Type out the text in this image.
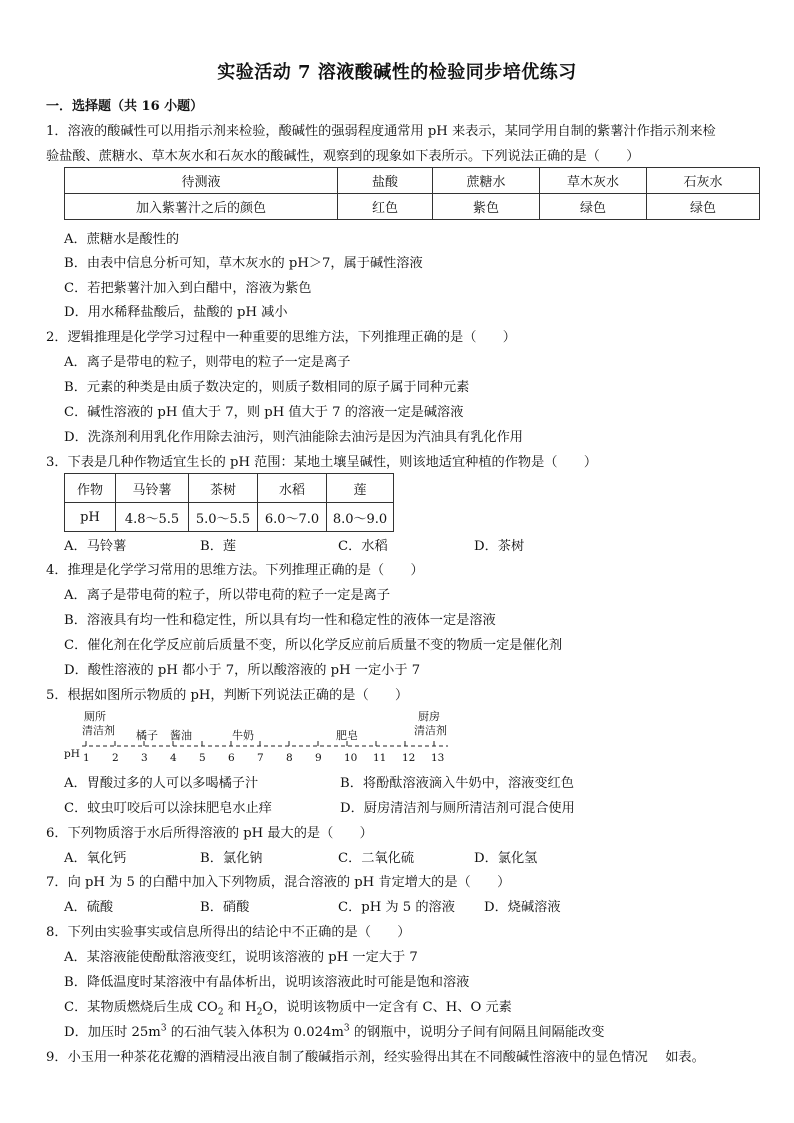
实验活动 7 溶液酸碱性的检验同步培优练习
一．选择题（共 16 小题）
1．溶液的酸碱性可以用指示剂来检验，酸碱性的强弱程度通常用 pH 来表示，某同学用自制的紫薯汁作指示剂来检
验盐酸、蔗糖水、草木灰水和石灰水的酸碱性，观察到的现象如下表所示。下列说法正确的是（　　）
待测液	盐酸	蔗糖水	草木灰水	石灰水
加入紫薯汁之后的颜色	红色	紫色	绿色	绿色
A．蔗糖水是酸性的
B．由表中信息分析可知，草木灰水的 pH＞7，属于碱性溶液
C．若把紫薯汁加入到白醋中，溶液为紫色
D．用水稀释盐酸后，盐酸的 pH 减小
2．逻辑推理是化学学习过程中一种重要的思维方法，下列推理正确的是（　　）
A．离子是带电的粒子，则带电的粒子一定是离子
B．元素的种类是由质子数决定的，则质子数相同的原子属于同种元素
C．碱性溶液的 pH 值大于 7，则 pH 值大于 7 的溶液一定是碱溶液
D．洗涤剂利用乳化作用除去油污，则汽油能除去油污是因为汽油具有乳化作用
3．下表是几种作物适宜生长的 pH 范围：某地土壤呈碱性，则该地适宜种植的作物是（　　）
作物	马铃薯	茶树	水稻	莲
pH	4.8～5.5	5.0～5.5	6.0～7.0	8.0～9.0
A．马铃薯	B．莲	C．水稻	D．茶树
4．推理是化学学习常用的思维方法。下列推理正确的是（　　）
A．离子是带电荷的粒子，所以带电荷的粒子一定是离子
B．溶液具有均一性和稳定性，所以具有均一性和稳定性的液体一定是溶液
C．催化剂在化学反应前后质量不变，所以化学反应前后质量不变的物质一定是催化剂
D．酸性溶液的 pH 都小于 7，所以酸溶液的 pH 一定小于 7
5．根据如图所示物质的 pH，判断下列说法正确的是（　　）
厕所
清洁剂 橘子 酱油	牛奶	肥皂
厨房
清洁剂
pH 1 2 3 4 5 6 7 8 9 10 11 12 13
A．胃酸过多的人可以多喝橘子汁	B．将酚酞溶液滴入牛奶中，溶液变红色
C．蚊虫叮咬后可以涂抹肥皂水止痒	D．厨房清洁剂与厕所清洁剂可混合使用
6．下列物质溶于水后所得溶液的 pH 最大的是（　　）
A．氧化钙	B．氯化钠	C．二氧化硫	D．氯化氢
7．向 pH 为 5 的白醋中加入下列物质，混合溶液的 pH 肯定增大的是（　　）
A．硫酸	B．硝酸	C．pH 为 5 的溶液 D．烧碱溶液
8．下列由实验事实或信息所得出的结论中不正确的是（　　）
A．某溶液能使酚酞溶液变红，说明该溶液的 pH 一定大于 7
B．降低温度时某溶液中有晶体析出，说明该溶液此时可能是饱和溶液
C．某物质燃烧后生成 $CO_2$ 和 $H_2O$，说明该物质中一定含有 C、H、O 元素
D．加压时 $25m^3$ 的石油气装入体积为 $0.024m^3$ 的钢瓶中，说明分子间有间隔且间隔能改变
9．小玉用一种茶花花瓣的酒精浸出液自制了酸碱指示剂，经实验得出其在不同酸碱性溶液中的显色情况　 如表。
